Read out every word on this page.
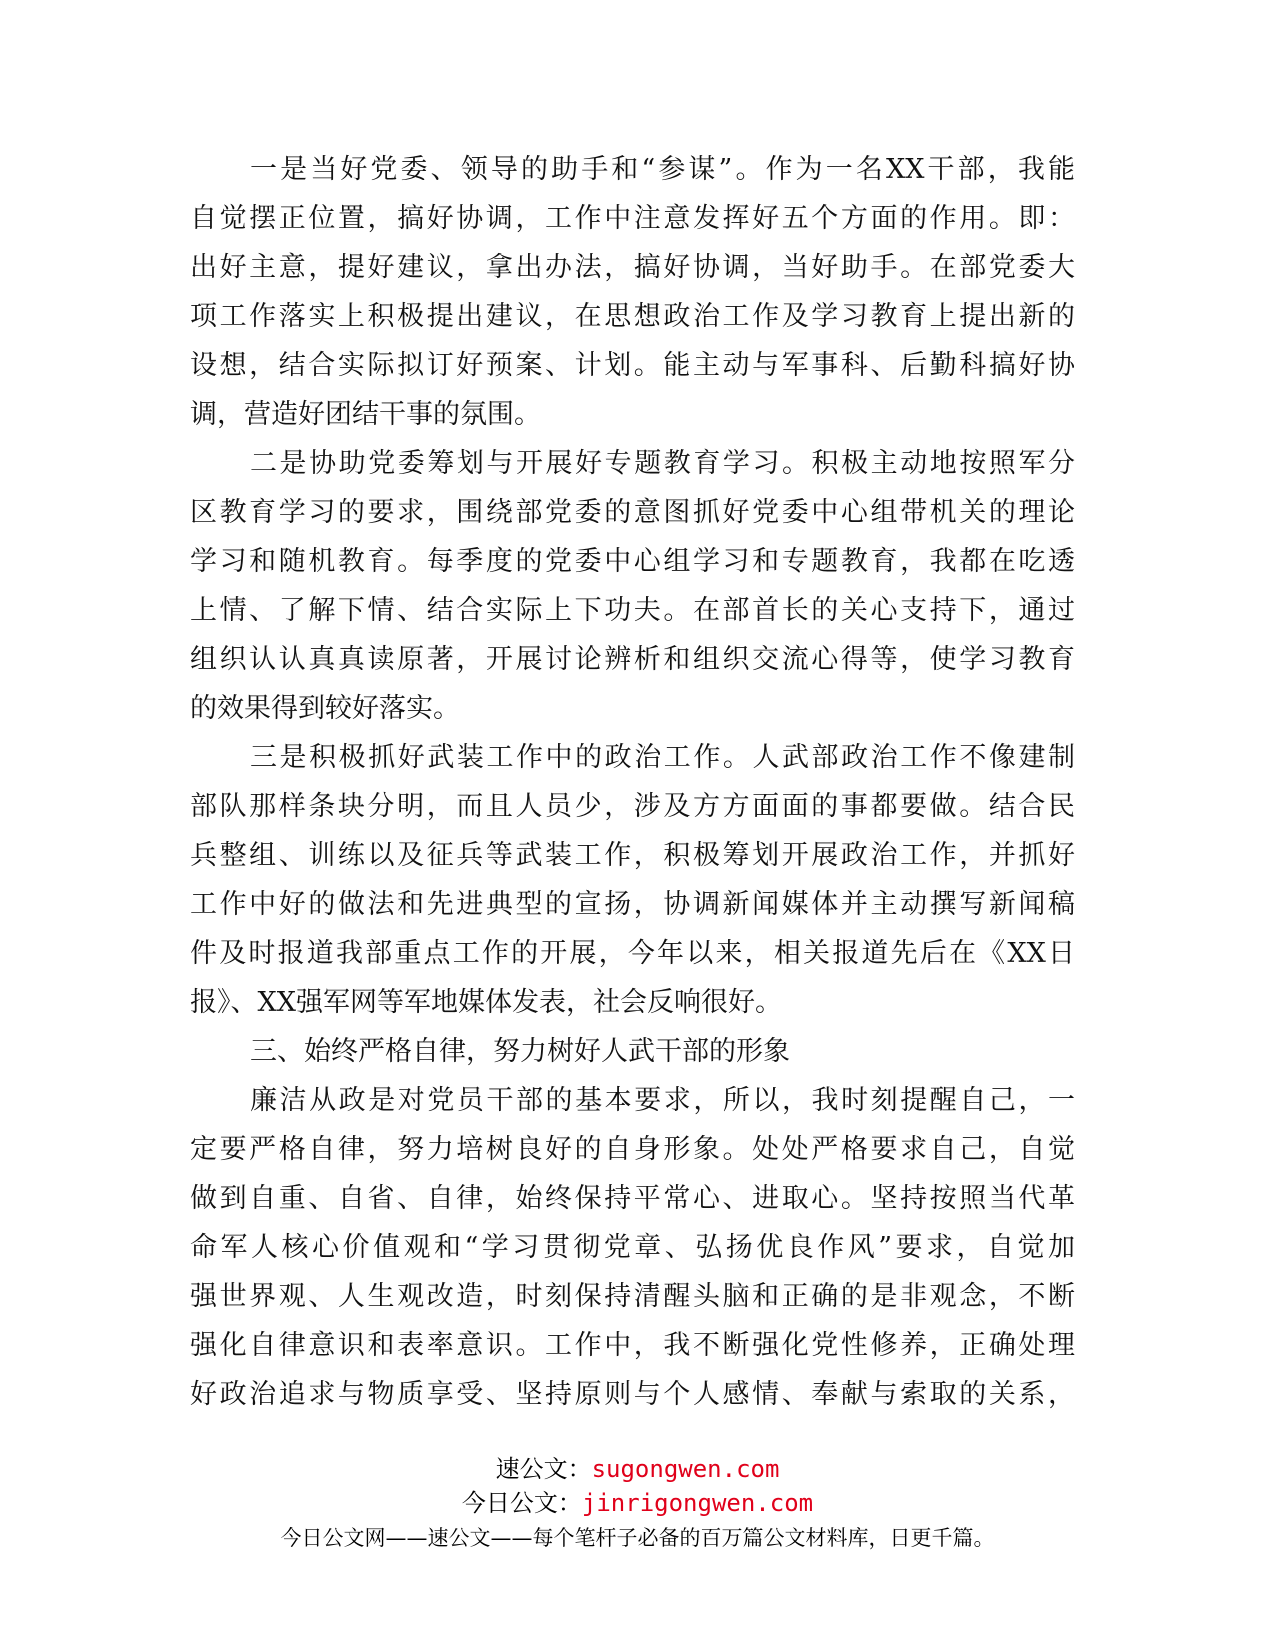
一是当好党委、领导的助手和“参谋”。作为一名XX干部，我能
自觉摆正位置，搞好协调，工作中注意发挥好五个方面的作用。即：
出好主意，提好建议，拿出办法，搞好协调，当好助手。在部党委大
项工作落实上积极提出建议，在思想政治工作及学习教育上提出新的
设想，结合实际拟订好预案、计划。能主动与军事科、后勤科搞好协
调，营造好团结干事的氛围。
二是协助党委筹划与开展好专题教育学习。积极主动地按照军分
区教育学习的要求，围绕部党委的意图抓好党委中心组带机关的理论
学习和随机教育。每季度的党委中心组学习和专题教育，我都在吃透
上情、了解下情、结合实际上下功夫。在部首长的关心支持下，通过
组织认认真真读原著，开展讨论辨析和组织交流心得等，使学习教育
的效果得到较好落实。
三是积极抓好武装工作中的政治工作。人武部政治工作不像建制
部队那样条块分明，而且人员少，涉及方方面面的事都要做。结合民
兵整组、训练以及征兵等武装工作，积极筹划开展政治工作，并抓好
工作中好的做法和先进典型的宣扬，协调新闻媒体并主动撰写新闻稿
件及时报道我部重点工作的开展，今年以来，相关报道先后在《XX日
报》、XX强军网等军地媒体发表，社会反响很好。
三、始终严格自律，努力树好人武干部的形象
廉洁从政是对党员干部的基本要求，所以，我时刻提醒自己，一
定要严格自律，努力培树良好的自身形象。处处严格要求自己，自觉
做到自重、自省、自律，始终保持平常心、进取心。坚持按照当代革
命军人核心价值观和“学习贯彻党章、弘扬优良作风”要求，自觉加
强世界观、人生观改造，时刻保持清醒头脑和正确的是非观念，不断
强化自律意识和表率意识。工作中，我不断强化党性修养，正确处理
好政治追求与物质享受、坚持原则与个人感情、奉献与索取的关系，
速公文：sugongwen.com
今日公文：jinrigongwen.com
今日公文网——速公文——每个笔杆子必备的百万篇公文材料库，日更千篇。
